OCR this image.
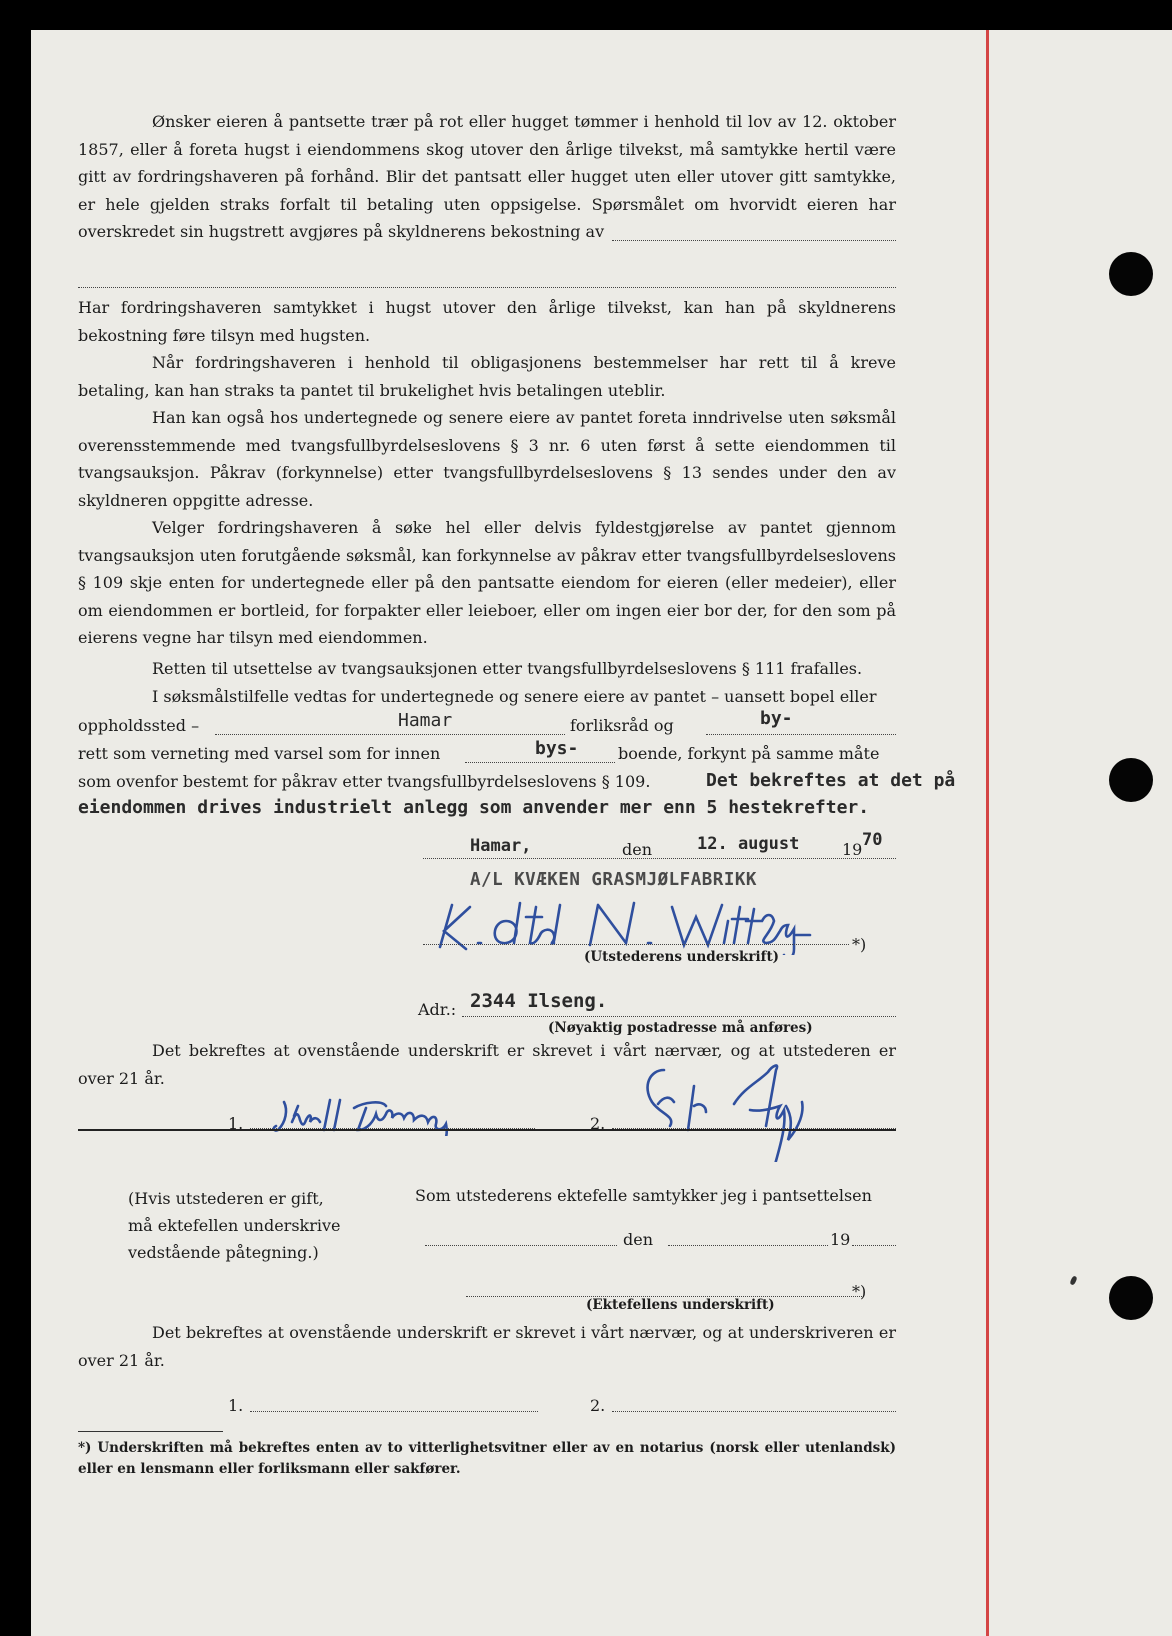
Ønsker eieren å pantsette trær på rot eller hugget tømmer i henhold til lov av 12. oktober 1857, eller å foreta hugst i eiendommens skog utover den årlige tilvekst, må samtykke hertil være gitt av fordringshaveren på forhånd. Blir det pantsatt eller hugget uten eller utover gitt samtykke, er hele gjelden straks forfalt til betaling uten oppsigelse. Spørsmålet om hvorvidt eieren har overskredet sin hugstrett avgjøres på skyldnerens bekostning av

Har fordringshaveren samtykket i hugst utover den årlige tilvekst, kan han på skyldnerens bekostning føre tilsyn med hugsten.

Når fordringshaveren i henhold til obligasjonens bestemmelser har rett til å kreve betaling, kan han straks ta pantet til brukelighet hvis betalingen uteblir.

Han kan også hos undertegnede og senere eiere av pantet foreta inndrivelse uten søksmål overensstemmende med tvangsfullbyrdelseslovens § 3 nr. 6 uten først å sette eiendommen til tvangsauksjon. Påkrav (forkynnelse) etter tvangsfullbyrdelseslovens § 13 sendes under den av skyldneren oppgitte adresse.

Velger fordringshaveren å søke hel eller delvis fyldestgjørelse av pantet gjennom tvangsauksjon uten forutgående søksmål, kan forkynnelse av påkrav etter tvangsfullbyrdelseslovens § 109 skje enten for undertegnede eller på den pantsatte eiendom for eieren (eller medeier), eller om eiendommen er bortleid, for forpakter eller leieboer, eller om ingen eier bor der, for den som på eierens vegne har tilsyn med eiendommen.

Retten til utsettelse av tvangsauksjonen etter tvangsfullbyrdelseslovens § 111 frafalles.

I søksmålstilfelle vedtas for undertegnede og senere eiere av pantet – uansett bopel eller

oppholdssted –	Hamar	forliksråd og	by-
rett som verneting med varsel som for innen	bys- boende, forkynt på samme måte
som ovenfor bestemt for påkrav etter tvangsfullbyrdelseslovens § 109.	Det bekreftes at det på
eiendommen drives industrielt anlegg som anvender mer enn 5 hestekrefter.
Hamar,	den	12. august	19 70
A/L KVÆKEN GRASMJØLFABRIKK
*)
(Utstederens underskrift)
Adr.: 2344 Ilseng.
(Nøyaktig postadresse må anføres)

Det bekreftes at ovenstående underskrift er skrevet i vårt nærvær, og at utstederen er over 21 år.

1.	2.

(Hvis utstederen er gift, må ektefellen underskrive vedstående påtegning.)

Som utstederens ektefelle samtykker jeg i pantsettelsen
den	19
*)
(Ektefellens underskrift)

Det bekreftes at ovenstående underskrift er skrevet i vårt nærvær, og at underskriveren er over 21 år.

1.	2.

*) Underskriften må bekreftes enten av to vitterlighetsvitner eller av en notarius (norsk eller utenlandsk) eller en lensmann eller forliksmann eller sakfører.
